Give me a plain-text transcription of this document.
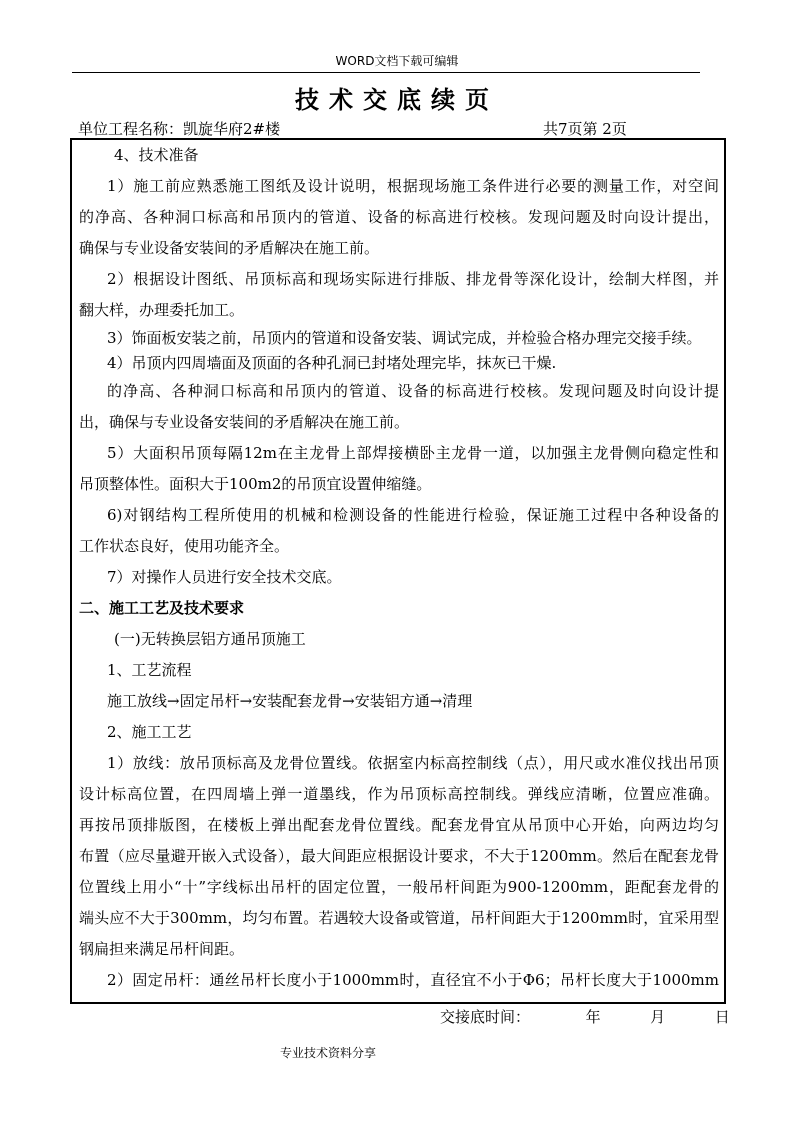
WORD文档下载可编辑
技术交底续页
单位工程名称：凯旋华府2#楼	共7页第 2页

4、技术准备

1）施工前应熟悉施工图纸及设计说明，根据现场施工条件进行必要的测量工作，对空间

的净高、各种洞口标高和吊顶内的管道、设备的标高进行校核。发现问题及时向设计提出，

确保与专业设备安装间的矛盾解决在施工前。

2）根据设计图纸、吊顶标高和现场实际进行排版、排龙骨等深化设计，绘制大样图，并

翻大样，办理委托加工。

3）饰面板安装之前，吊顶内的管道和设备安装、调试完成，并检验合格办理完交接手续。

4）吊顶内四周墙面及顶面的各种孔洞已封堵处理完毕，抹灰已干燥.

的净高、各种洞口标高和吊顶内的管道、设备的标高进行校核。发现问题及时向设计提

出，确保与专业设备安装间的矛盾解决在施工前。

5）大面积吊顶每隔12m在主龙骨上部焊接横卧主龙骨一道，以加强主龙骨侧向稳定性和

吊顶整体性。面积大于100m2的吊顶宜设置伸缩缝。

6)对钢结构工程所使用的机械和检测设备的性能进行检验，保证施工过程中各种设备的

工作状态良好，使用功能齐全。

7）对操作人员进行安全技术交底。

二、施工工艺及技术要求

(一)无转换层铝方通吊顶施工

1、工艺流程

施工放线→固定吊杆→安装配套龙骨→安装铝方通→清理

2、施工工艺

1）放线：放吊顶标高及龙骨位置线。依据室内标高控制线（点），用尺或水准仪找出吊顶

设计标高位置，在四周墙上弹一道墨线，作为吊顶标高控制线。弹线应清晰，位置应准确。

再按吊顶排版图，在楼板上弹出配套龙骨位置线。配套龙骨宜从吊顶中心开始，向两边均匀

布置（应尽量避开嵌入式设备），最大间距应根据设计要求，不大于1200mm。然后在配套龙骨

位置线上用小“十”字线标出吊杆的固定位置，一般吊杆间距为900-1200mm，距配套龙骨的

端头应不大于300mm，均匀布置。若遇较大设备或管道，吊杆间距大于1200mm时，宜采用型

钢扁担来满足吊杆间距。

2）固定吊杆：通丝吊杆长度小于1000mm时，直径宜不小于Φ6；吊杆长度大于1000mm

交接底时间：	年	月	日
专业技术资料分享
